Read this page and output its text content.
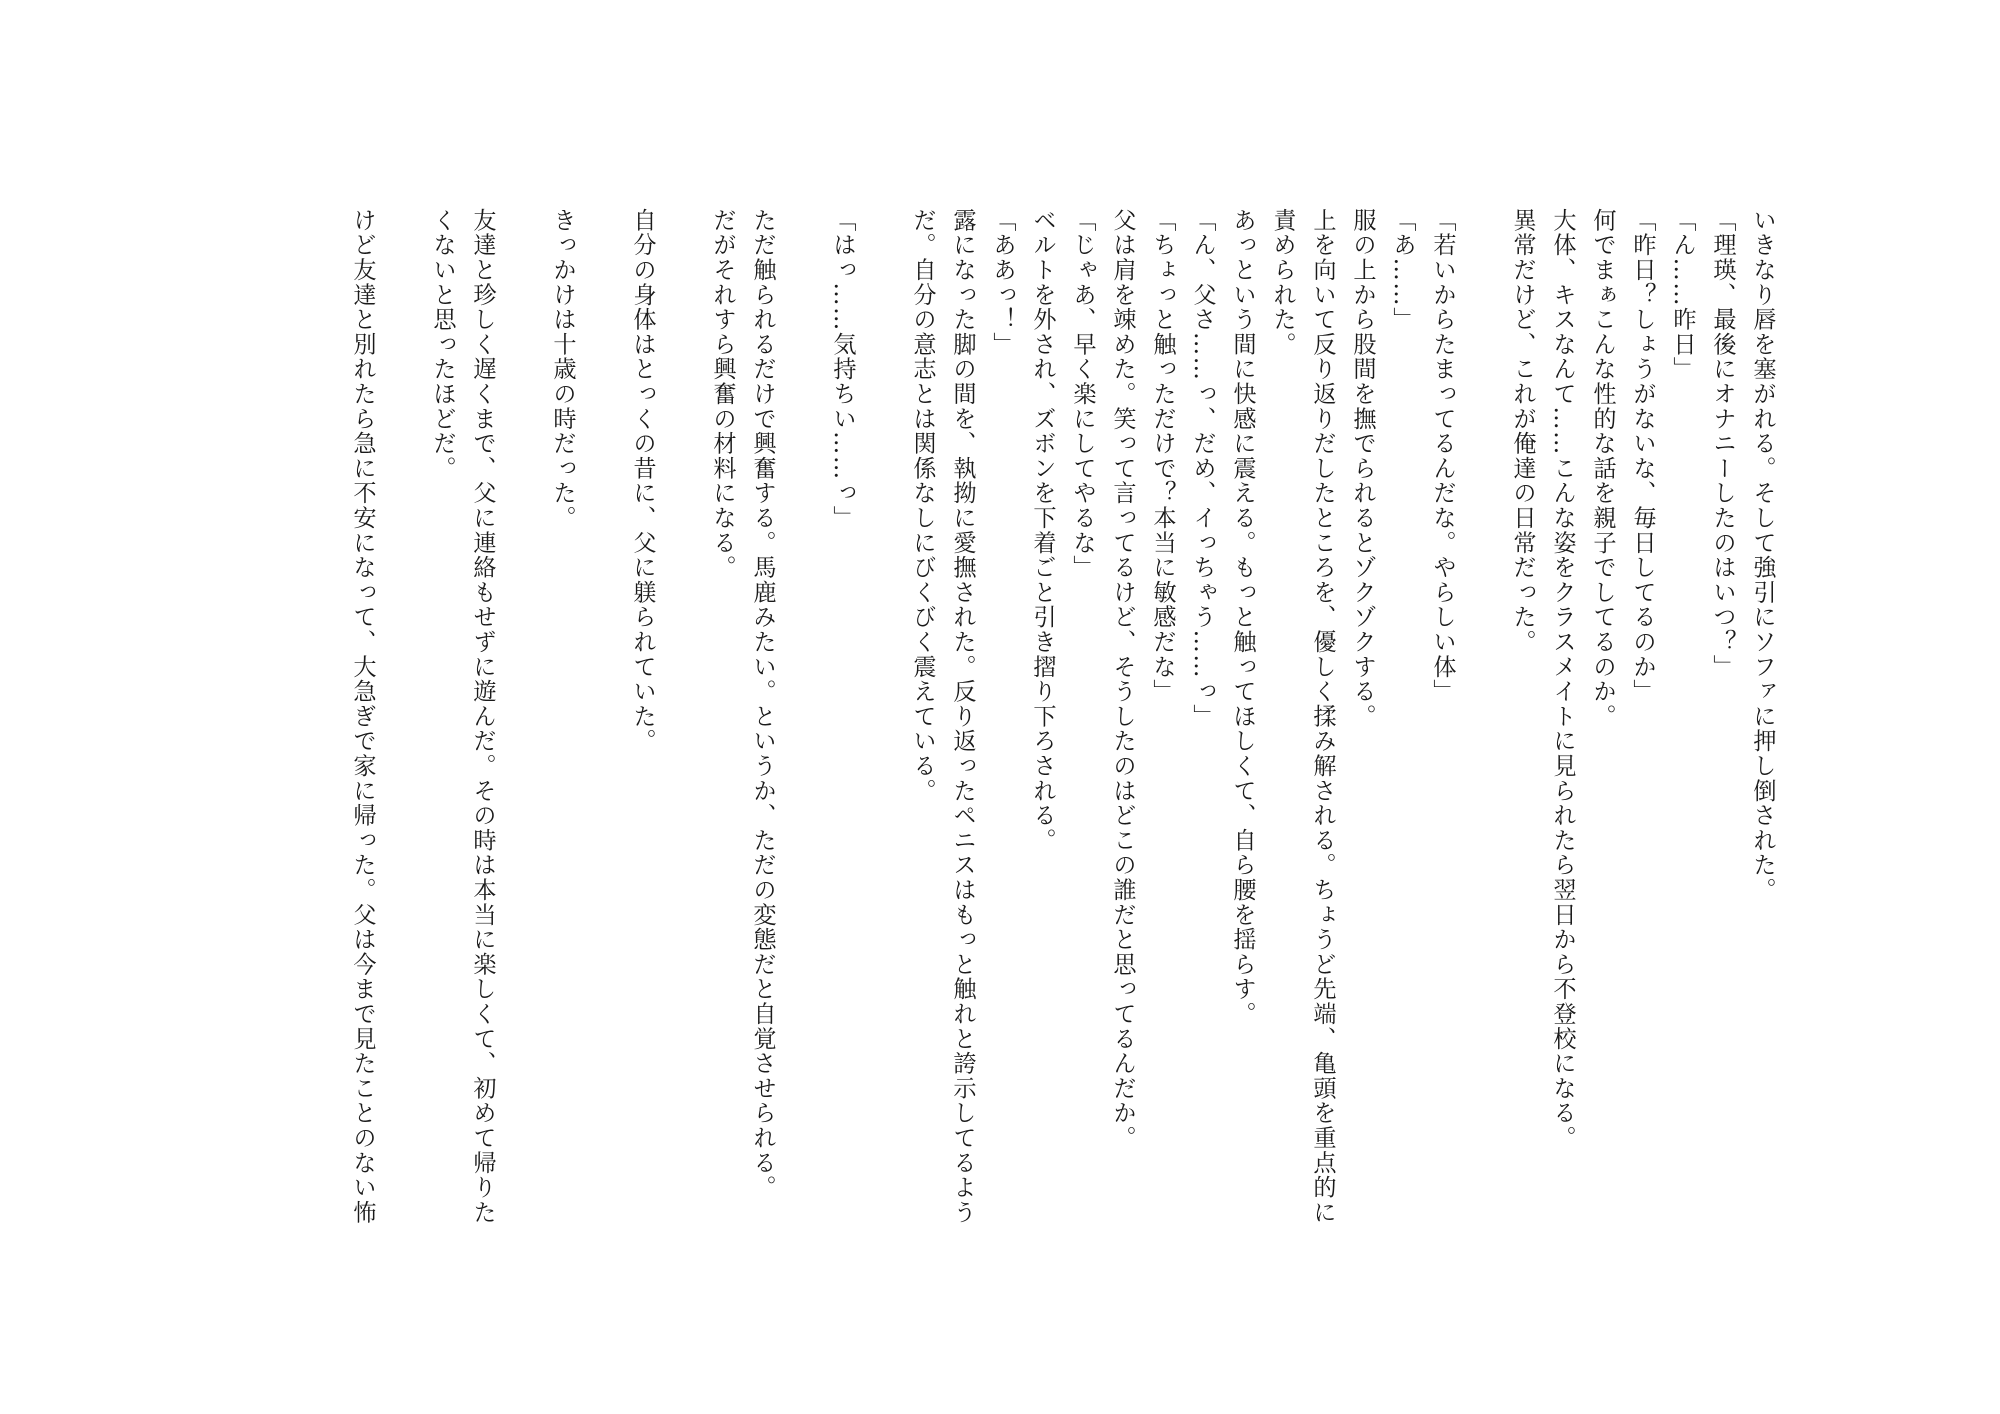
いきなり唇を塞がれる。そして強引にソファに押し倒された。
「理瑛、最後にオナニーしたのはいつ？」
「ん……昨日」
「昨日？しょうがないな、毎日してるのか」
何でまぁこんな性的な話を親子でしてるのか。
大体、キスなんて……こんな姿をクラスメイトに見られたら翌日から不登校になる。
異常だけど、これが俺達の日常だった。
「若いからたまってるんだな。やらしい体」
「あ……」
服の上から股間を撫でられるとゾクゾクする。
上を向いて反り返りだしたところを、優しく揉み解される。ちょうど先端、亀頭を重点的に
責められた。
あっという間に快感に震える。もっと触ってほしくて、自ら腰を揺らす。
「ん、父さ……っ、だめ、イっちゃう……っ」
「ちょっと触っただけで？本当に敏感だな」
父は肩を竦めた。笑って言ってるけど、そうしたのはどこの誰だと思ってるんだか。
「じゃあ、早く楽にしてやるな」
ベルトを外され、ズボンを下着ごと引き摺り下ろされる。
「ああっ！」
露になった脚の間を、執拗に愛撫された。反り返ったペニスはもっと触れと誇示してるよう
だ。自分の意志とは関係なしにびくびく震えている。
「はっ……気持ちい……っ」
ただ触られるだけで興奮する。馬鹿みたい。というか、ただの変態だと自覚させられる。
だがそれすら興奮の材料になる。
自分の身体はとっくの昔に、父に躾られていた。
きっかけは十歳の時だった。
友達と珍しく遅くまで、父に連絡もせずに遊んだ。その時は本当に楽しくて、初めて帰りた
くないと思ったほどだ。
けど友達と別れたら急に不安になって、大急ぎで家に帰った。父は今まで見たことのない怖
